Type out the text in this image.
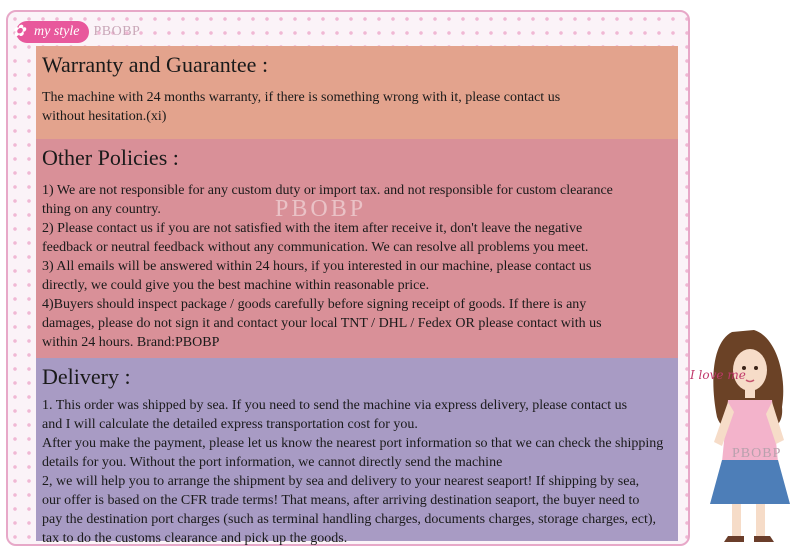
✿ my style	PBOBP
Warranty and Guarantee :

The machine with 24 months warranty, if there is something wrong with it, please contact us

without hesitation.(xi)

Other Policies :

1) We are not responsible for any custom duty or import tax. and not responsible for custom clearance

thing on any country.

2) Please contact us if you are not satisfied with the item after receive it, don't leave the negative

feedback or neutral feedback without any communication. We can resolve all problems you meet.

3) All emails will be answered within 24 hours, if you interested in our machine, please contact us

directly, we could give you the best machine within reasonable price.

4)Buyers should inspect package / goods carefully before signing receipt of goods. If there is any

damages, please do not sign it and contact your local TNT / DHL / Fedex OR please contact with us

within 24 hours. Brand:PBOBP

Delivery :

1. This order was shipped by sea. If you need to send the machine via express delivery, please contact us

and I will calculate the detailed express transportation cost for you.

After you make the payment, please let us know the nearest port information so that we can check the shipping

details for you. Without the port information, we cannot directly send the machine

2, we will help you to arrange the shipment by sea and delivery to your nearest seaport! If shipping by sea,

our offer is based on the CFR trade terms! That means, after arriving destination seaport, the buyer need to

pay the destination port charges (such as terminal handling charges, documents charges, storage charges, ect),

tax to do the customs clearance and pick up the goods.

PBOBP
I love me
PBOBP
